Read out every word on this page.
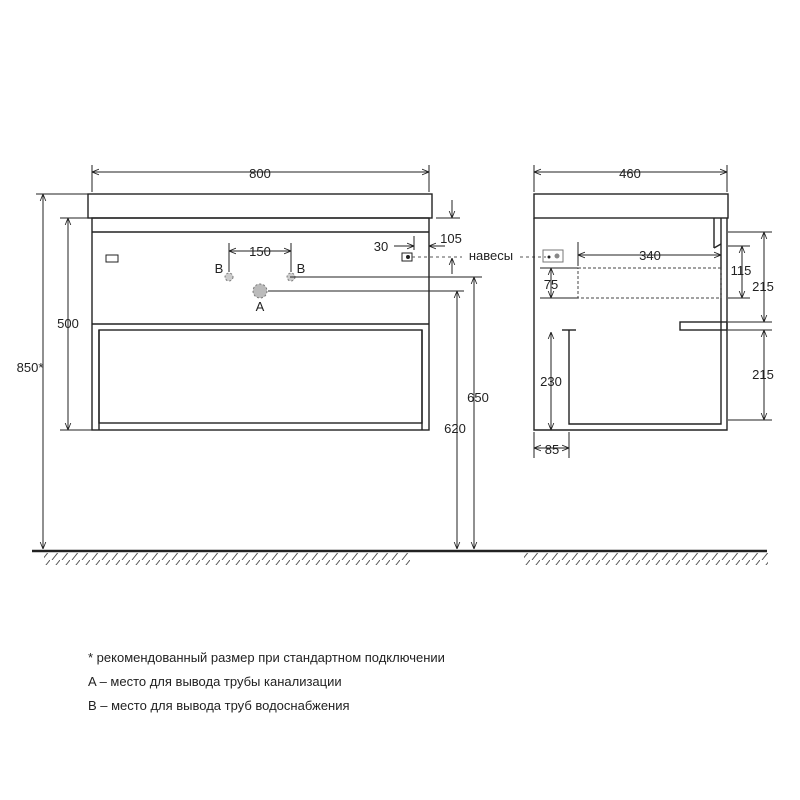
800
150
850*
500
30
105
650
620
B	B
A
460
340
навесы
115
75	215
215
230
85
* рекомендованный размер при стандартном подключении
A – место для вывода трубы канализации
B – место для вывода труб водоснабжения
